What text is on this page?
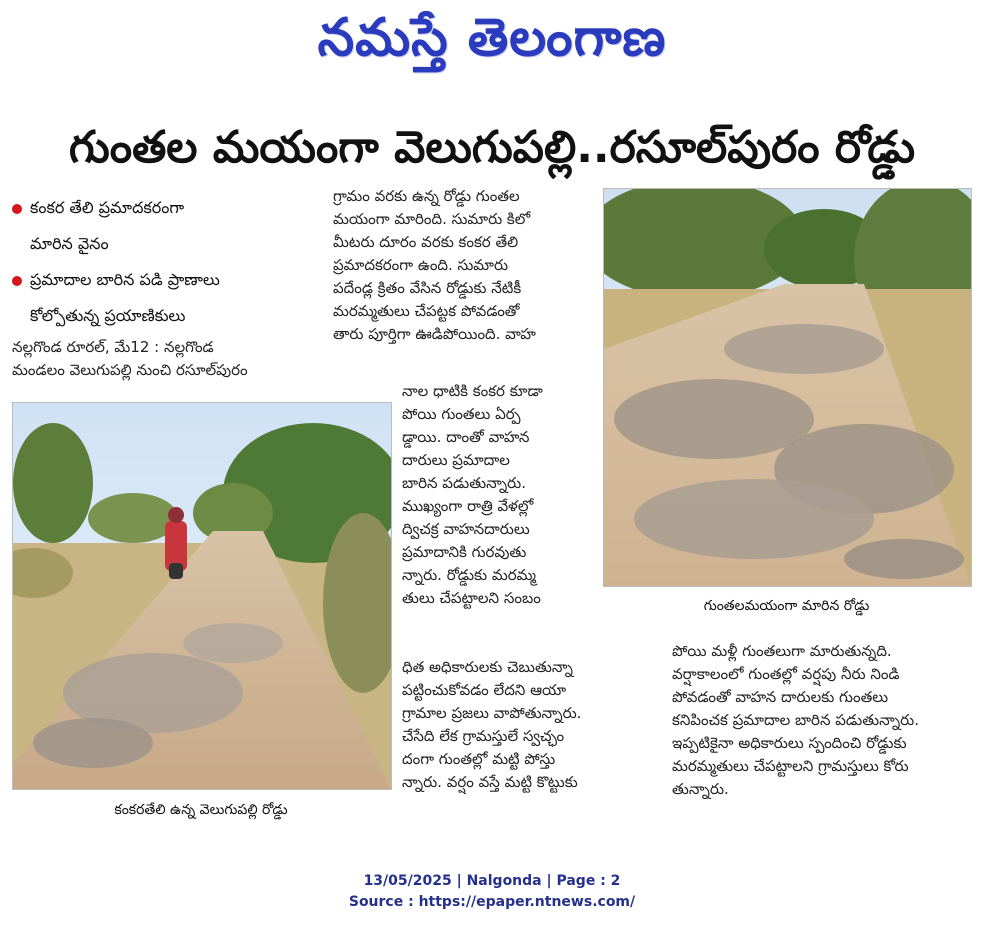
నమస్తే తెలంగాణ
గుంతల మయంగా వెలుగుపల్లి..రసూల్‌పురం రోడ్డు
కంకర తేలి ప్రమాదకరంగా
మారిన వైనం
ప్రమాదాల బారిన పడి ప్రాణాలు
కోల్పోతున్న ప్రయాణికులు
నల్లగొండ రూరల్, మే12 : నల్లగొండ
మండలం వెలుగుపల్లి నుంచి రసూల్‌పురం
గ్రామం వరకు ఉన్న రోడ్డు గుంతల
మయంగా మారింది. సుమారు కిలో
మీటరు దూరం వరకు కంకర తేలి
ప్రమాదకరంగా ఉంది. సుమారు
పదేండ్ల క్రితం వేసిన రోడ్డుకు నేటికీ
మరమ్మతులు చేపట్టక పోవడంతో
తారు పూర్తిగా ఊడిపోయింది. వాహ
నాల ధాటికి కంకర కూడా
పోయి గుంతలు ఏర్ప
డ్డాయి. దాంతో వాహన
దారులు ప్రమాదాల
బారిన పడుతున్నారు.
ముఖ్యంగా రాత్రి వేళల్లో
ద్విచక్ర వాహనదారులు
ప్రమాదానికి గురవుతు
న్నారు. రోడ్డుకు మరమ్మ
తులు చేపట్టాలని సంబం
ధిత అధికారులకు చెబుతున్నా
పట్టించుకోవడం లేదని ఆయా
గ్రామాల ప్రజలు వాపోతున్నారు.
చేసేది లేక గ్రామస్తులే స్వచ్ఛం
దంగా గుంతల్లో మట్టి పోస్తు
న్నారు. వర్షం వస్తే మట్టి కొట్టుకు
కంకరతేలి ఉన్న వెలుగుపల్లి రోడ్డు
గుంతలమయంగా మారిన రోడ్డు
పోయి మళ్లీ గుంతలుగా మారుతున్నది.
వర్షాకాలంలో గుంతల్లో వర్షపు నీరు నిండి
పోవడంతో వాహన దారులకు గుంతలు
కనిపించక ప్రమాదాల బారిన పడుతున్నారు.
ఇప్పటికైనా అధికారులు స్పందించి రోడ్డుకు
మరమ్మతులు చేపట్టాలని గ్రామస్తులు కోరు
తున్నారు.
13/05/2025 | Nalgonda | Page : 2
Source : https://epaper.ntnews.com/
